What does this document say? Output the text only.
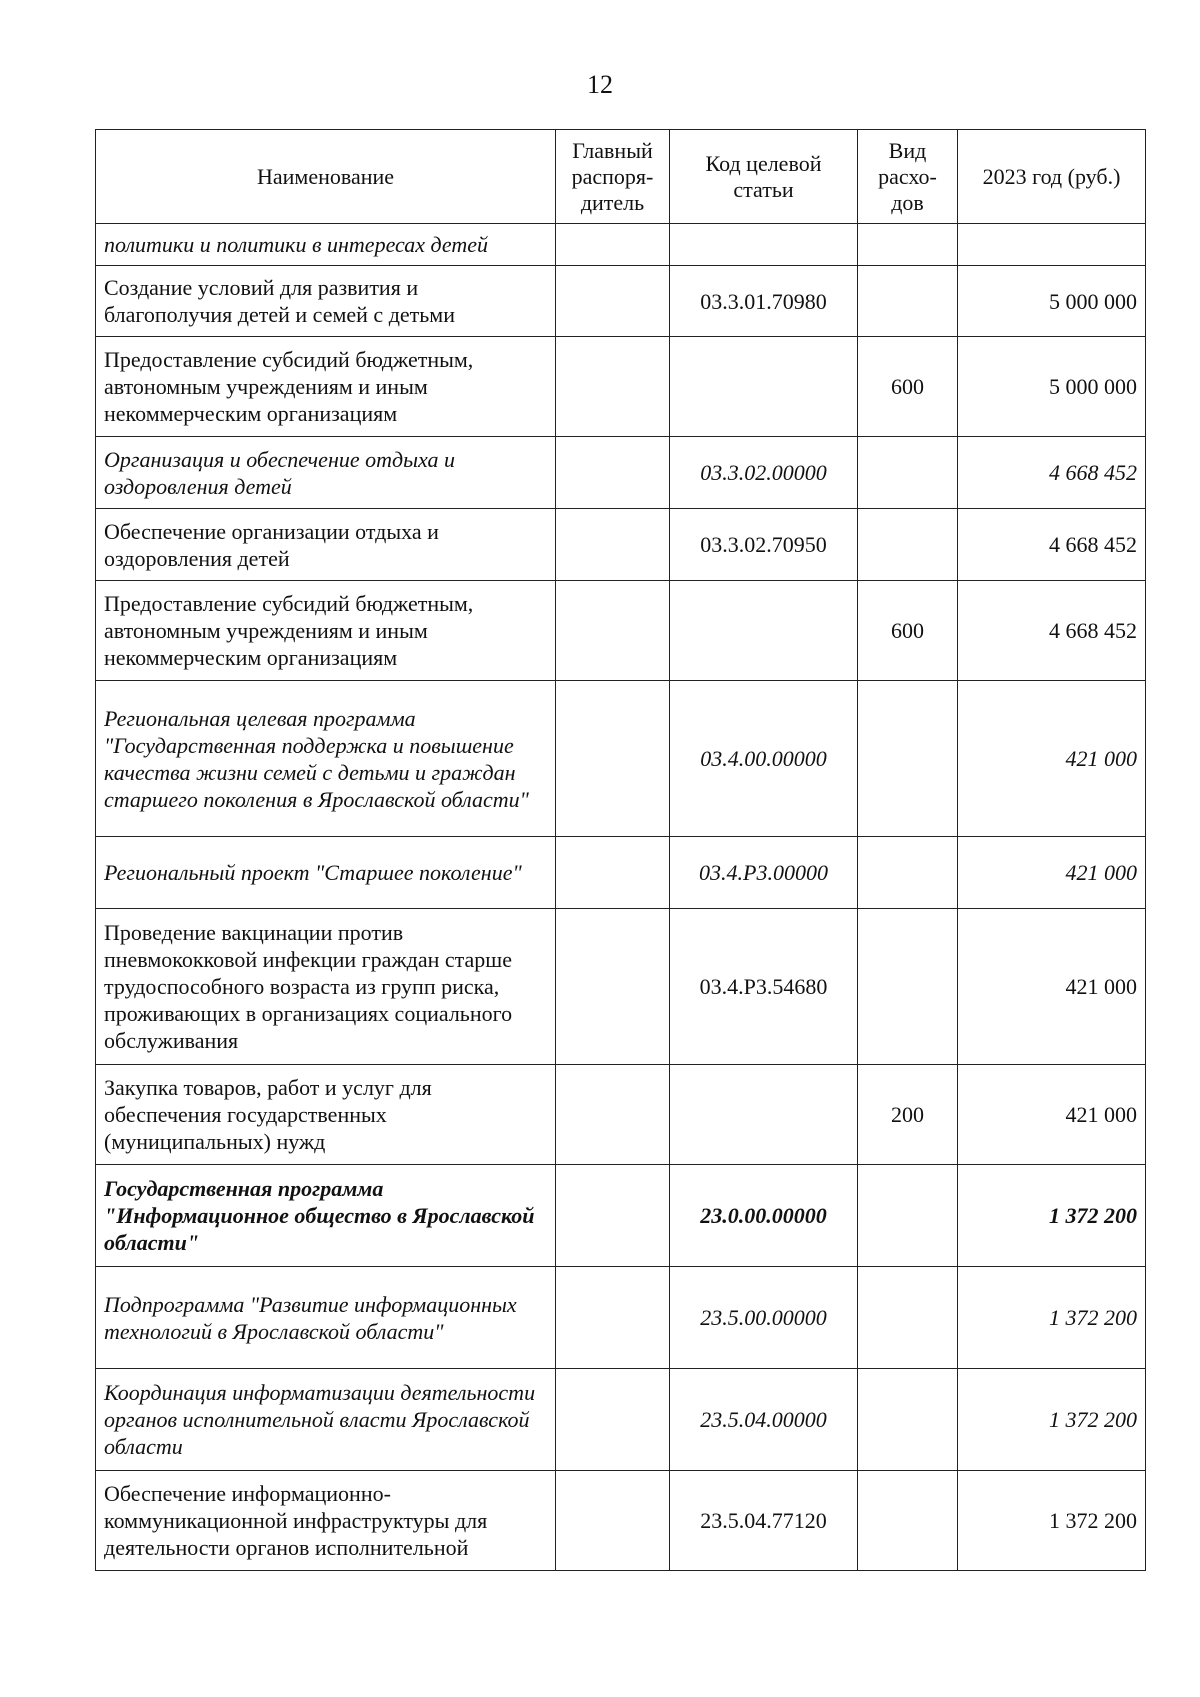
12
Наименование	Главный распоря-дитель	Код целевой статьи	Вид расхо-дов	2023 год (руб.)
политики и политики в интересах детей				
Создание условий для развития и благополучия детей и семей с детьми		03.3.01.70980		5 000 000
Предоставление субсидий бюджетным, автономным учреждениям и иным некоммерческим организациям			600	5 000 000
Организация и обеспечение отдыха и оздоровления детей		03.3.02.00000		4 668 452
Обеспечение организации отдыха и оздоровления детей		03.3.02.70950		4 668 452
Предоставление субсидий бюджетным, автономным учреждениям и иным некоммерческим организациям			600	4 668 452
Региональная целевая программа "Государственная поддержка и повышение качества жизни семей с детьми и граждан старшего поколения в Ярославской области"		03.4.00.00000		421 000
Региональный проект "Старшее поколение"		03.4.Р3.00000		421 000
Проведение вакцинации против пневмококковой инфекции граждан старше трудоспособного возраста из групп риска, проживающих в организациях социального обслуживания		03.4.Р3.54680		421 000
Закупка товаров, работ и услуг для обеспечения государственных (муниципальных) нужд			200	421 000
Государственная программа "Информационное общество в Ярославской области"		23.0.00.00000		1 372 200
Подпрограмма "Развитие информационных технологий в Ярославской области"		23.5.00.00000		1 372 200
Координация информатизации деятельности органов исполнительной власти Ярославской области		23.5.04.00000		1 372 200
Обеспечение информационно-коммуникационной инфраструктуры для деятельности органов исполнительной		23.5.04.77120		1 372 200
